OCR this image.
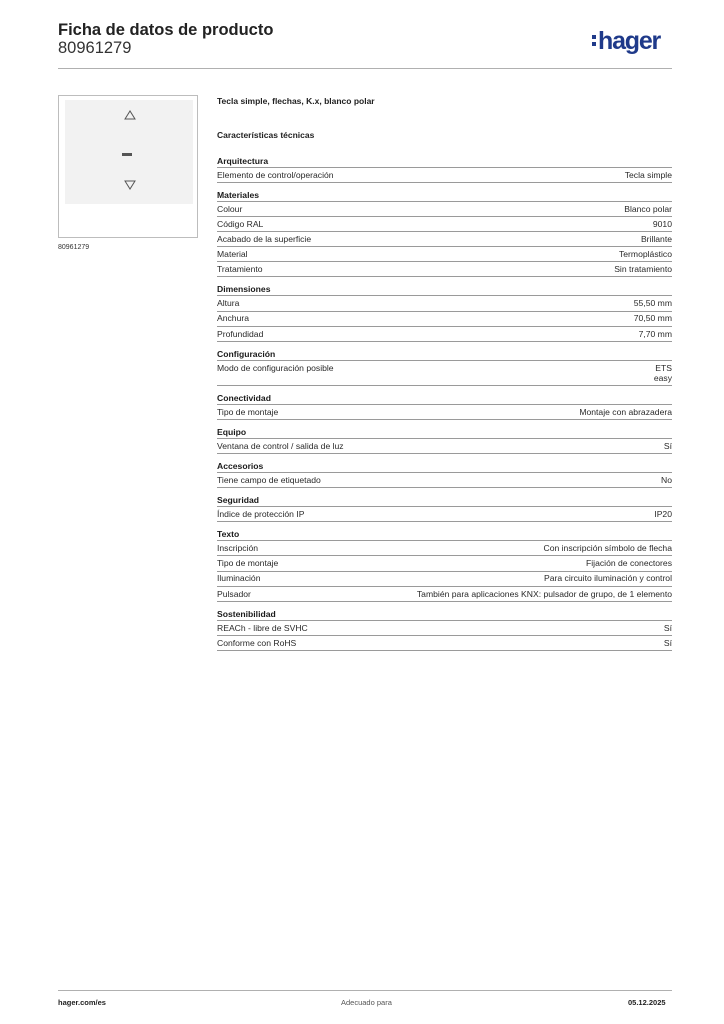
Ficha de datos de producto
80961279	hager
80961279
Tecla simple, flechas, K.x, blanco polar
Características técnicas
Arquitectura
Elemento de control/operación	Tecla simple
Materiales
Colour	Blanco polar
Código RAL	9010
Acabado de la superficie	Brillante
Material	Termoplástico
Tratamiento	Sin tratamiento
Dimensiones
Altura	55,50 mm
Anchura	70,50 mm
Profundidad	7,70 mm
Configuración
Modo de configuración posible	ETS
easy
Conectividad
Tipo de montaje	Montaje con abrazadera
Equipo
Ventana de control / salida de luz	Sí
Accesorios
Tiene campo de etiquetado	No
Seguridad
Índice de protección IP	IP20
Texto
Inscripción	Con inscripción símbolo de flecha
Tipo de montaje	Fijación de conectores
Iluminación	Para circuito iluminación y control
Pulsador	También para aplicaciones KNX: pulsador de grupo, de 1 elemento
Sostenibilidad
REACh - libre de SVHC	Sí
Conforme con RoHS	Sí
hager.com/es	Adecuado para	05.12.2025
